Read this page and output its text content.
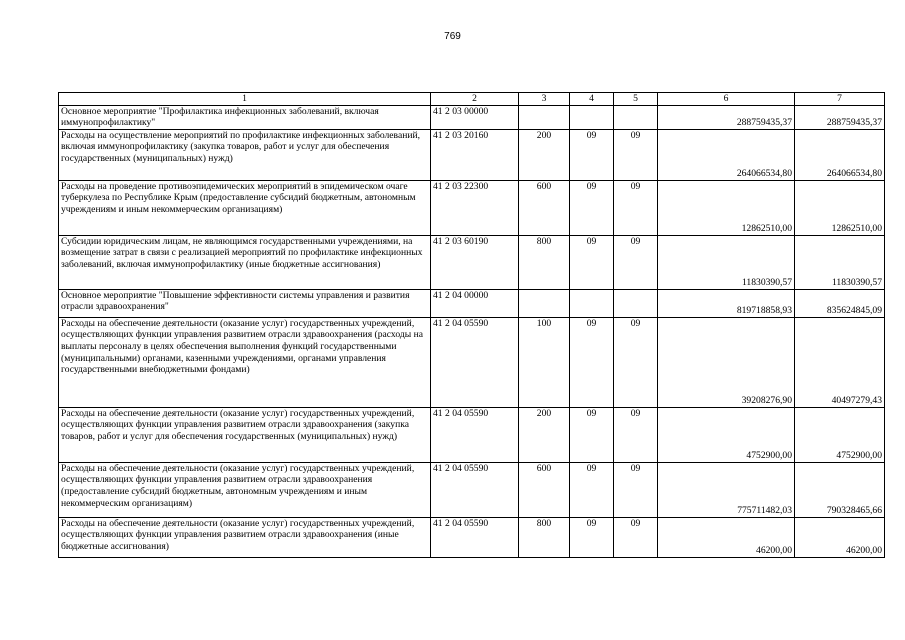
769
1	2	3	4	5	6	7
Основное мероприятие "Профилактика инфекционных заболеваний, включая иммунопрофилактику"	41 2 03 00000				288759435,37	288759435,37
Расходы на осуществление мероприятий по профилактике инфекционных заболеваний, включая иммунопрофилактику (закупка товаров, работ и услуг для обеспечения государственных (муниципальных) нужд)	41 2 03 20160	200	09	09	264066534,80	264066534,80
Расходы на проведение противоэпидемических мероприятий в эпидемическом очаге туберкулеза по Республике Крым (предоставление субсидий бюджетным, автономным учреждениям и иным некоммерческим организациям)	41 2 03 22300	600	09	09	12862510,00	12862510,00
Субсидии юридическим лицам, не являющимся государственными учреждениями, на возмещение затрат в связи с реализацией мероприятий по профилактике инфекционных заболеваний, включая иммунопрофилактику (иные бюджетные ассигнования)	41 2 03 60190	800	09	09	11830390,57	11830390,57
Основное мероприятие "Повышение эффективности системы управления и развития отрасли здравоохранения"	41 2 04 00000				819718858,93	835624845,09
Расходы на обеспечение деятельности (оказание услуг) государственных учреждений, осуществляющих функции управления развитием отрасли здравоохранения (расходы на выплаты персоналу в целях обеспечения выполнения функций государственными (муниципальными) органами, казенными учреждениями, органами управления государственными внебюджетными фондами)	41 2 04 05590	100	09	09	39208276,90	40497279,43
Расходы на обеспечение деятельности (оказание услуг) государственных учреждений, осуществляющих функции управления развитием отрасли здравоохранения (закупка товаров, работ и услуг для обеспечения государственных (муниципальных) нужд)	41 2 04 05590	200	09	09	4752900,00	4752900,00
Расходы на обеспечение деятельности (оказание услуг) государственных учреждений, осуществляющих функции управления развитием отрасли здравоохранения (предоставление субсидий бюджетным, автономным учреждениям и иным некоммерческим организациям)	41 2 04 05590	600	09	09	775711482,03	790328465,66
Расходы на обеспечение деятельности (оказание услуг) государственных учреждений, осуществляющих функции управления развитием отрасли здравоохранения (иные бюджетные ассигнования)	41 2 04 05590	800	09	09	46200,00	46200,00
